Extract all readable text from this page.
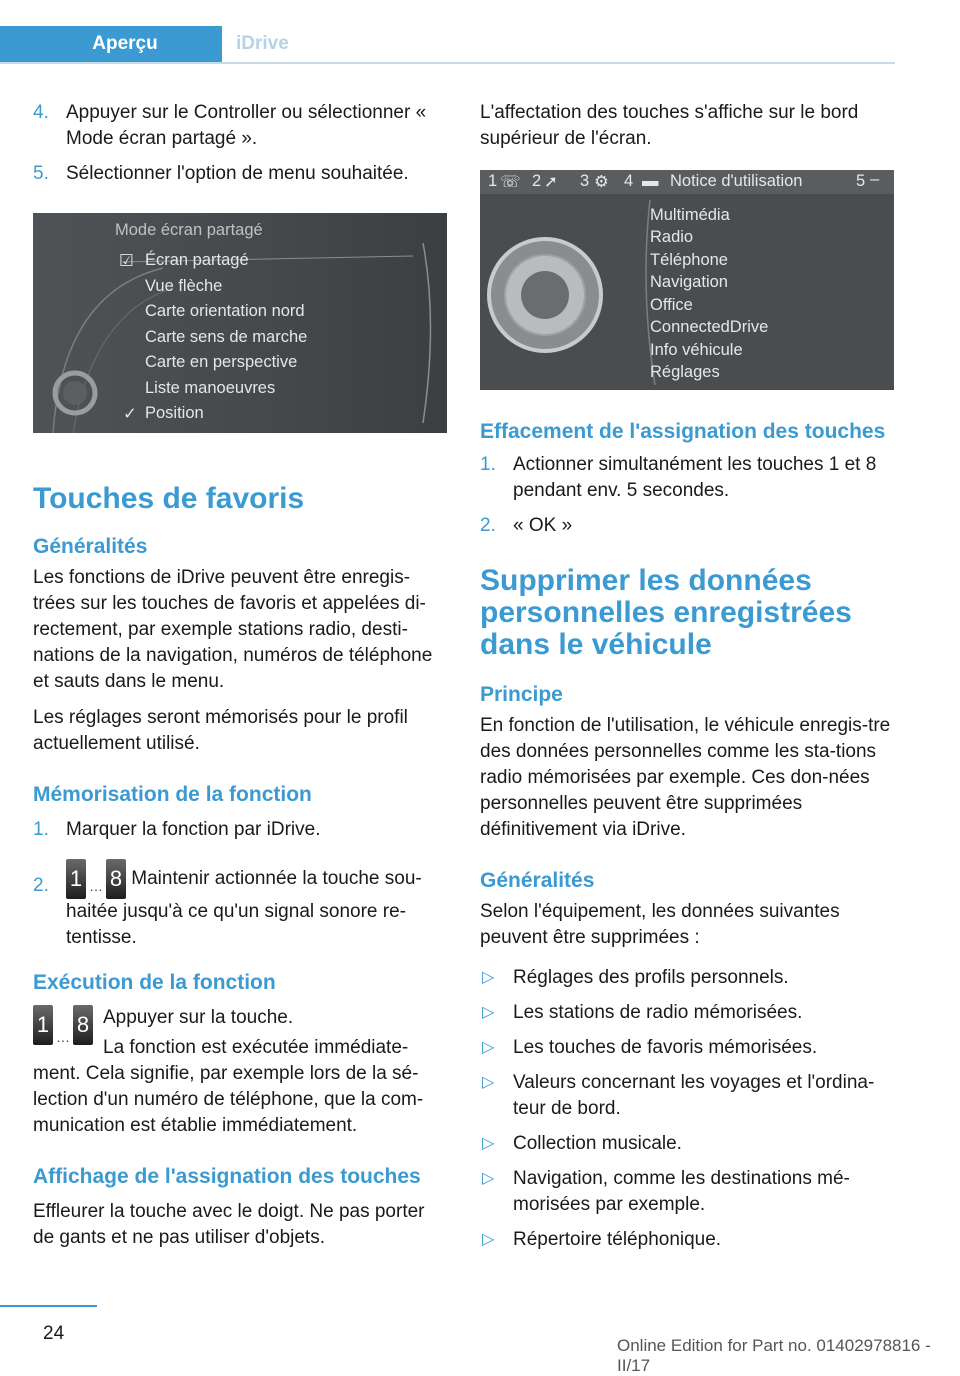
Aperçu	iDrive
4. Appuyer sur le Controller ou sélectionner « Mode écran partagé ».
5. Sélectionner l'option de menu souhaitée.
Mode écran partagé
☑ Écran partagé
Vue flèche
Carte orientation nord
Carte sens de marche
Carte en perspective
Liste manoeuvres
✓ Position
Touches de favoris
Généralités

Les fonctions de iDrive peuvent être enregis-trées sur les touches de favoris et appelées di-rectement, par exemple stations radio, desti-nations de la navigation, numéros de téléphone et sauts dans le menu.

Les réglages seront mémorisés pour le profil actuellement utilisé.

Mémorisation de la fonction
1. Marquer la fonction par iDrive.
2. 1 … 8 Maintenir actionnée la touche sou-haitée jusqu'à ce qu'un signal sonore re-tentisse.
Exécution de la fonction
1 … 8 Appuyer sur la touche.

La fonction est exécutée immédiate-ment. Cela signifie, par exemple lors de la sé-lection d'un numéro de téléphone, que la com-munication est établie immédiatement.

Affichage de l'assignation des touches

Effleurer la touche avec le doigt. Ne pas porter de gants et ne pas utiliser d'objets.

L'affectation des touches s'affiche sur le bord supérieur de l'écran.

1 ☏ 2 ➚ 3 ⚙ 4 ▬ Notice d'utilisation	5 –
Multimédia
Radio
Téléphone
Navigation
Office
ConnectedDrive
Info véhicule
Réglages
Effacement de l'assignation des touches
1. Actionner simultanément les touches 1 et 8 pendant env. 5 secondes.
2. « OK »
Supprimer les données personnelles enregistrées dans le véhicule
Principe

En fonction de l'utilisation, le véhicule enregis-tre des données personnelles comme les sta-tions radio mémorisées par exemple. Ces don-nées personnelles peuvent être supprimées définitivement via iDrive.

Généralités

Selon l'équipement, les données suivantes peuvent être supprimées :

▷ Réglages des profils personnels.
▷ Les stations de radio mémorisées.
▷ Les touches de favoris mémorisées.
▷ Valeurs concernant les voyages et l'ordina-teur de bord.
▷ Collection musicale.
▷ Navigation, comme les destinations mé-morisées par exemple.
▷ Répertoire téléphonique.
24
Online Edition for Part no. 01402978816 - II/17
